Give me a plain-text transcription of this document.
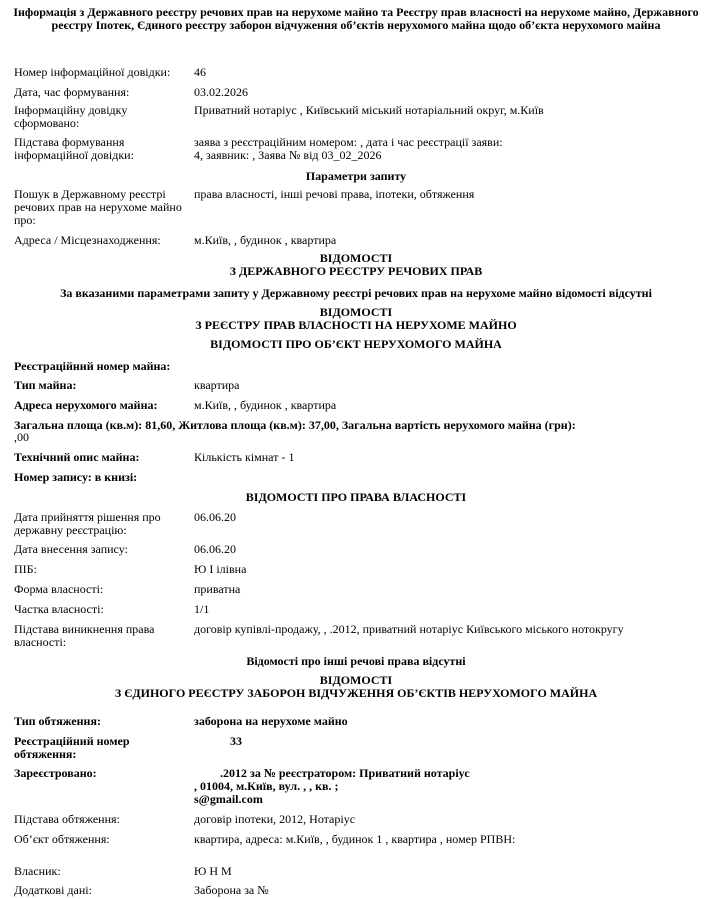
Інформація з Державного реєстру речових прав на нерухоме майно та Реєстру прав власності на нерухоме майно, Державного реєстру Іпотек, Єдиного реєстру заборон відчуження об’єктів нерухомого майна щодо об’єкта нерухомого майна
Номер інформаційної довідки:	46
Дата, час формування:	03.02.2026
Інформаційну довідку сформовано:
Приватний нотаріус , Київський міський нотаріальний округ, м.Київ
Підстава формування інформаційної довідки:
заява з реєстраційним номером: , дата і час реєстрації заяви:
4, заявник: , Заява № від 03_02_2026
Параметри запиту
Пошук в Державному реєстрі речових прав на нерухоме майно про:
права власності, інші речові права, іпотеки, обтяження
Адреса / Місцезнаходження:	м.Київ, , будинок , квартира
ВІДОМОСТІ
З ДЕРЖАВНОГО РЕЄСТРУ РЕЧОВИХ ПРАВ
За вказаними параметрами запиту у Державному реєстрі речових прав на нерухоме майно відомості відсутні
ВІДОМОСТІ
З РЕЄСТРУ ПРАВ ВЛАСНОСТІ НА НЕРУХОМЕ МАЙНО
ВІДОМОСТІ ПРО ОБ’ЄКТ НЕРУХОМОГО МАЙНА
Реєстраційний номер майна:
Тип майна:	квартира
Адреса нерухомого майна:	м.Київ, , будинок , квартира
Загальна площа (кв.м): 81,60, Житлова площа (кв.м): 37,00, Загальна вартість нерухомого майна (грн):
,00
Технічний опис майна:	Кількість кімнат - 1
Номер запису: в книзі:
ВІДОМОСТІ ПРО ПРАВА ВЛАСНОСТІ
Дата прийняття рішення про державну реєстрацію:
06.06.20
Дата внесення запису:	06.06.20
ПІБ:	Ю І ілівна
Форма власності:	приватна
Частка власності:	1/1
Підстава виникнення права власності:
договір купівлі-продажу, , .2012, приватний нотаріус Київського міського нотокругу
Відомості про інші речові права відсутні
ВІДОМОСТІ
З ЄДИНОГО РЕЄСТРУ ЗАБОРОН ВІДЧУЖЕННЯ ОБ’ЄКТІВ НЕРУХОМОГО МАЙНА
Тип обтяження:	заборона на нерухоме майно
Реєстраційний номер обтяження:
33
Зареєстровано:	.2012 за № реєстратором: Приватний нотаріус
, 01004, м.Київ, вул. , , кв. ;
s@gmail.com
Підстава обтяження:	договір іпотеки, 2012, Нотаріус
Об’єкт обтяження:	квартира, адреса: м.Київ, , будинок 1 , квартира , номер РПВН:
Власник:	Ю Н М
Додаткові дані:	Заборона за №
